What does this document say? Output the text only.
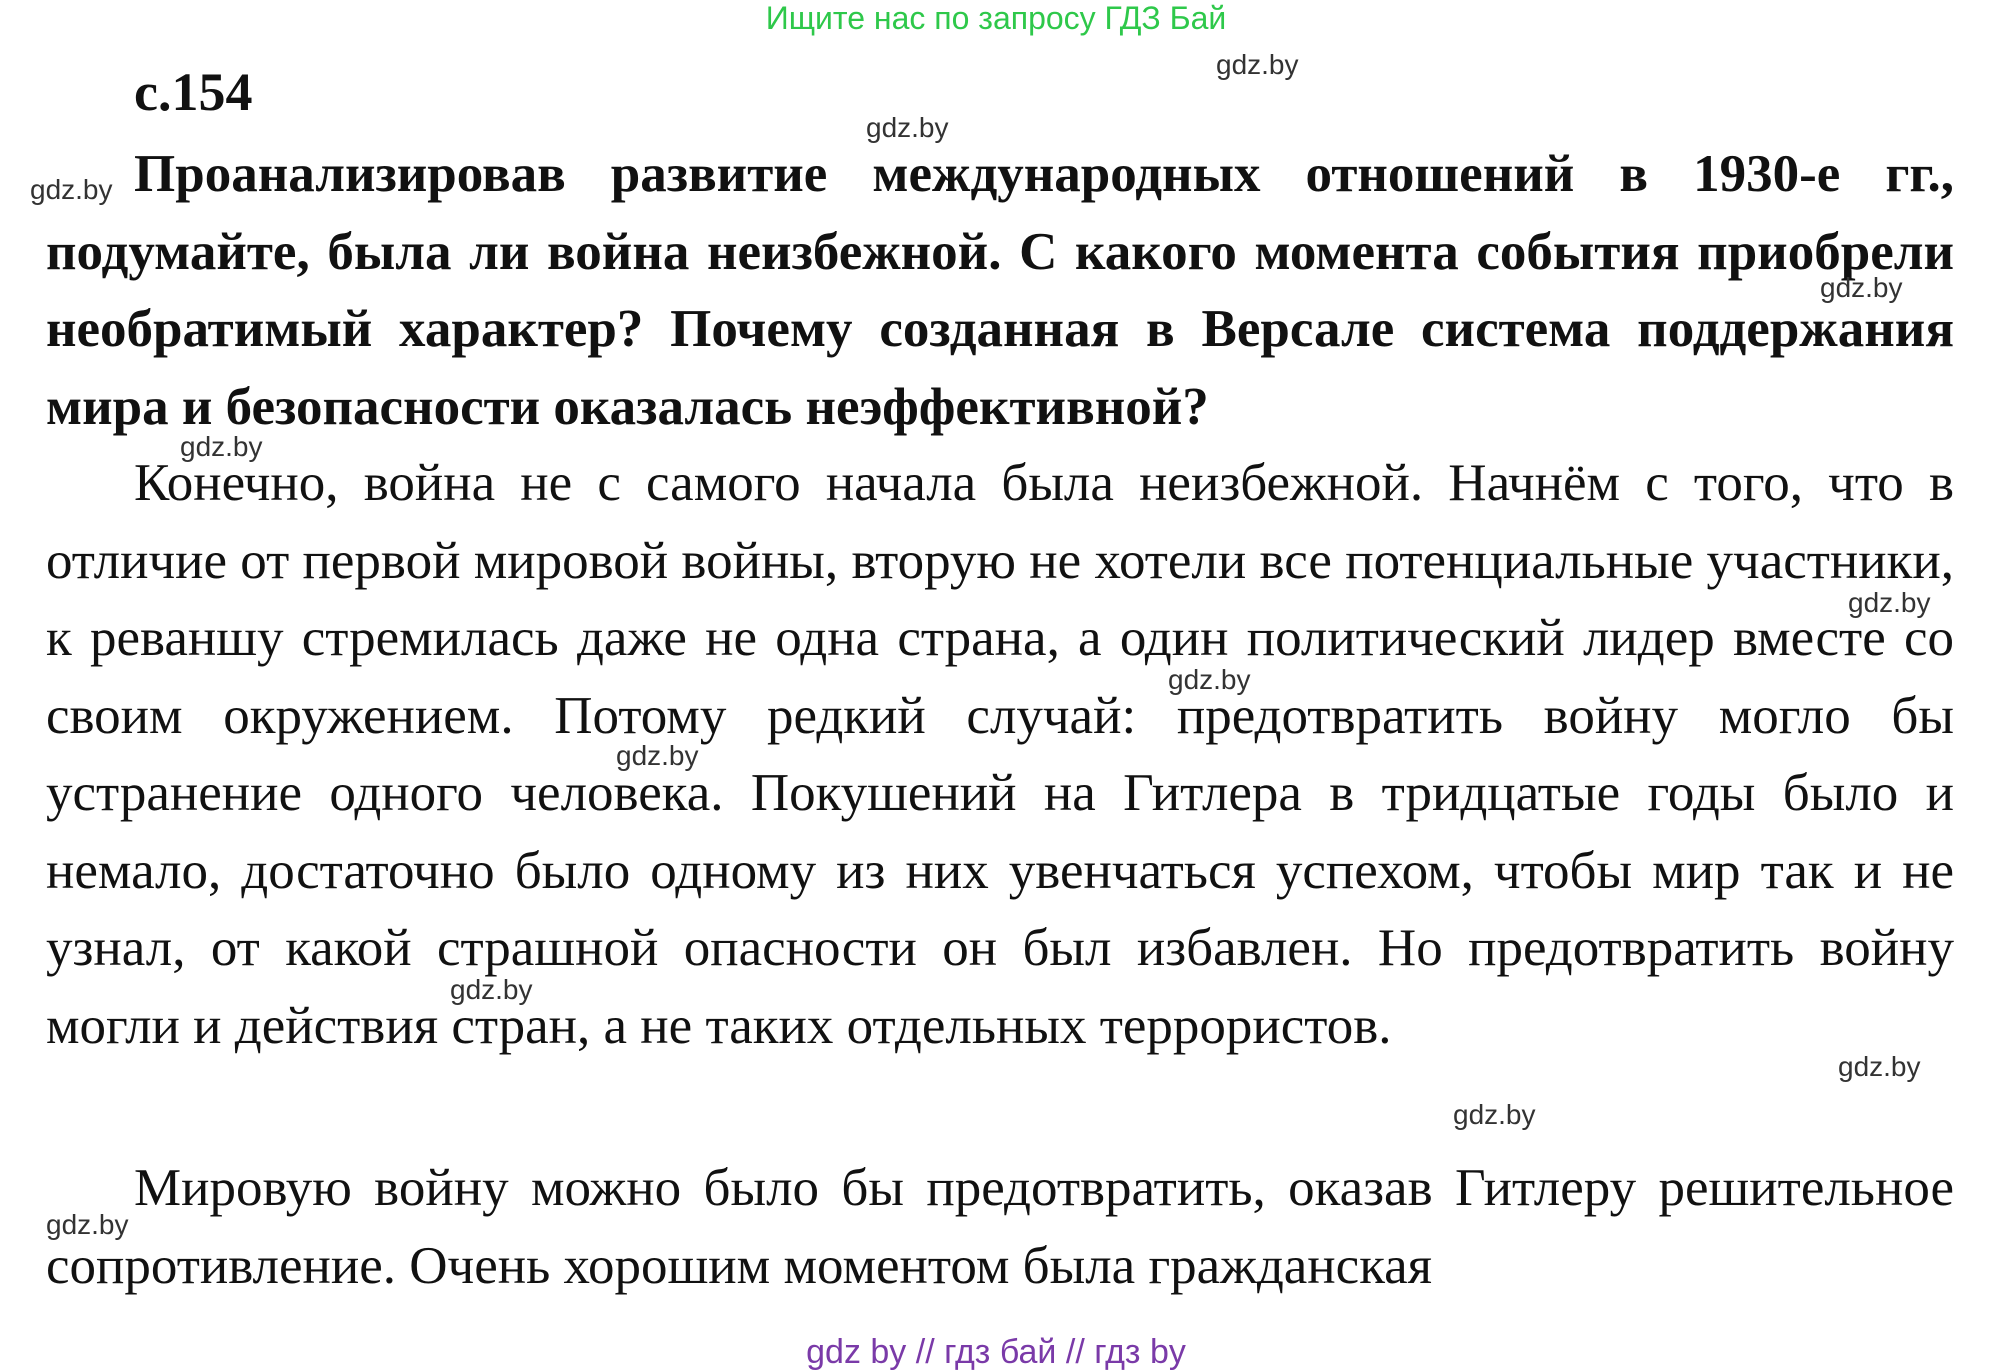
Ищите нас по запросу ГДЗ Бай
с.154
Проанализировав развитие международных отношений в 1930-е гг., подумайте, была ли война неизбежной. С какого момента события приобрели необратимый характер? Почему созданная в Версале система поддержания мира и безопасности оказалась неэффективной?
Конечно, война не с самого начала была неизбежной. Начнём с того, что в отличие от первой мировой войны, вторую не хотели все потенциальные участники, к реваншу стремилась даже не одна страна, а один политический лидер вместе со своим окружением. Потому редкий случай: предотвратить войну могло бы устранение одного человека. Покушений на Гитлера в тридцатые годы было и немало, достаточно было одному из них увенчаться успехом, чтобы мир так и не узнал, от какой страшной опасности он был избавлен. Но предотвратить войну могли и действия стран, а не таких отдельных террористов.
Мировую войну можно было бы предотвратить, оказав Гитлеру решительное сопротивление. Очень хорошим моментом была гражданская
gdz.by
gdz.by
gdz.by
gdz.by
gdz.by
gdz.by
gdz.by
gdz.by
gdz.by
gdz.by
gdz.by
gdz.by
gdz by // гдз бай // гдз by
